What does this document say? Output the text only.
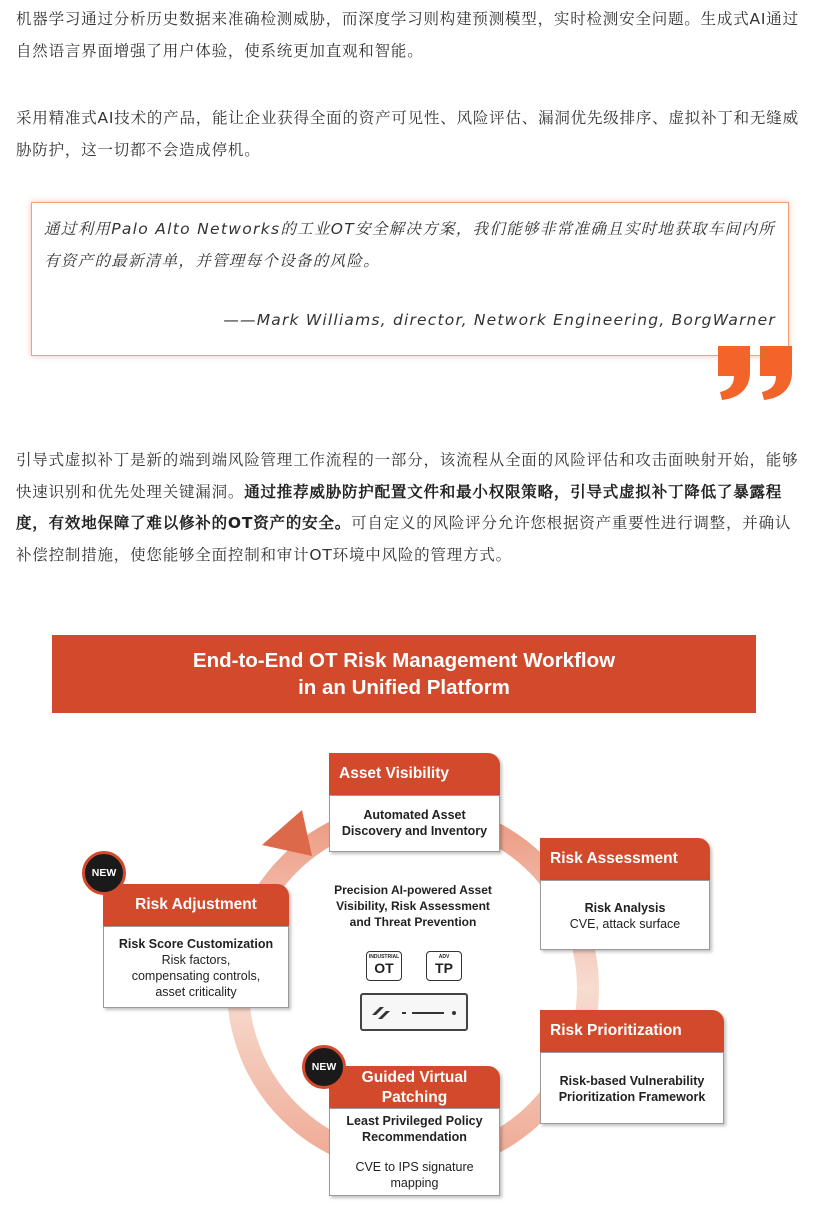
机器学习通过分析历史数据来准确检测威胁，而深度学习则构建预测模型，实时检测安全问题。生成式AI通过自然语言界面增强了用户体验，使系统更加直观和智能。

采用精准式AI技术的产品，能让企业获得全面的资产可见性、风险评估、漏洞优先级排序、虚拟补丁和无缝威胁防护，这一切都不会造成停机。

通过利用Palo Alto Networks的工业OT安全解决方案，我们能够非常准确且实时地获取车间内所有资产的最新清单，并管理每个设备的风险。
——Mark Williams, director, Network Engineering, BorgWarner

引导式虚拟补丁是新的端到端风险管理工作流程的一部分，该流程从全面的风险评估和攻击面映射开始，能够快速识别和优先处理关键漏洞。通过推荐威胁防护配置文件和最小权限策略，引导式虚拟补丁降低了暴露程度，有效地保障了难以修补的OT资产的安全。可自定义的风险评分允许您根据资产重要性进行调整，并确认补偿控制措施，使您能够全面控制和审计OT环境中风险的管理方式。

End-to-End OT Risk Management Workflow
in an Unified Platform
Asset Visibility
Automated Asset
Discovery and Inventory
Risk Assessment
Risk Analysis
CVE, attack surface
Risk Prioritization
Risk-based Vulnerability
Prioritization Framework
Guided Virtual
Patching
Least Privileged Policy
Recommendation
CVE to IPS signature
mapping
Risk Adjustment
Risk Score Customization
Risk factors,
compensating controls,
asset criticality
NEW
NEW
Precision AI-powered Asset
Visibility, Risk Assessment
and Threat Prevention
INDUSTRIAL
OT
ADV
TP
